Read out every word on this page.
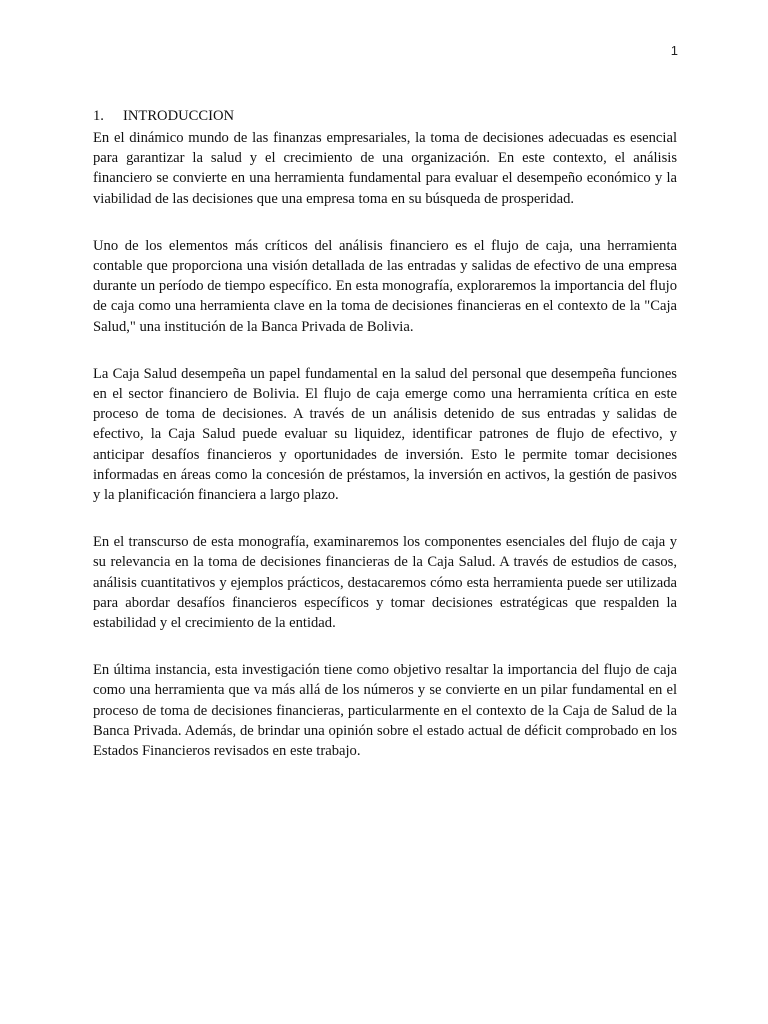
1
1.	INTRODUCCION

En el dinámico mundo de las finanzas empresariales, la toma de decisiones adecuadas es esencial para garantizar la salud y el crecimiento de una organización. En este contexto, el análisis financiero se convierte en una herramienta fundamental para evaluar el desempeño económico y la viabilidad de las decisiones que una empresa toma en su búsqueda de prosperidad.

Uno de los elementos más críticos del análisis financiero es el flujo de caja, una herramienta contable que proporciona una visión detallada de las entradas y salidas de efectivo de una empresa durante un período de tiempo específico. En esta monografía, exploraremos la importancia del flujo de caja como una herramienta clave en la toma de decisiones financieras en el contexto de la "Caja Salud," una institución de la Banca Privada de Bolivia.

La Caja Salud desempeña un papel fundamental en la salud del personal que desempeña funciones en el sector financiero de Bolivia. El flujo de caja emerge como una herramienta crítica en este proceso de toma de decisiones. A través de un análisis detenido de sus entradas y salidas de efectivo, la Caja Salud puede evaluar su liquidez, identificar patrones de flujo de efectivo, y anticipar desafíos financieros y oportunidades de inversión. Esto le permite tomar decisiones informadas en áreas como la concesión de préstamos, la inversión en activos, la gestión de pasivos y la planificación financiera a largo plazo.

En el transcurso de esta monografía, examinaremos los componentes esenciales del flujo de caja y su relevancia en la toma de decisiones financieras de la Caja Salud. A través de estudios de casos, análisis cuantitativos y ejemplos prácticos, destacaremos cómo esta herramienta puede ser utilizada para abordar desafíos financieros específicos y tomar decisiones estratégicas que respalden la estabilidad y el crecimiento de la entidad.

En última instancia, esta investigación tiene como objetivo resaltar la importancia del flujo de caja como una herramienta que va más allá de los números y se convierte en un pilar fundamental en el proceso de toma de decisiones financieras, particularmente en el contexto de la Caja de Salud de la Banca Privada. Además, de brindar una opinión sobre el estado actual de déficit comprobado en los Estados Financieros revisados en este trabajo.
